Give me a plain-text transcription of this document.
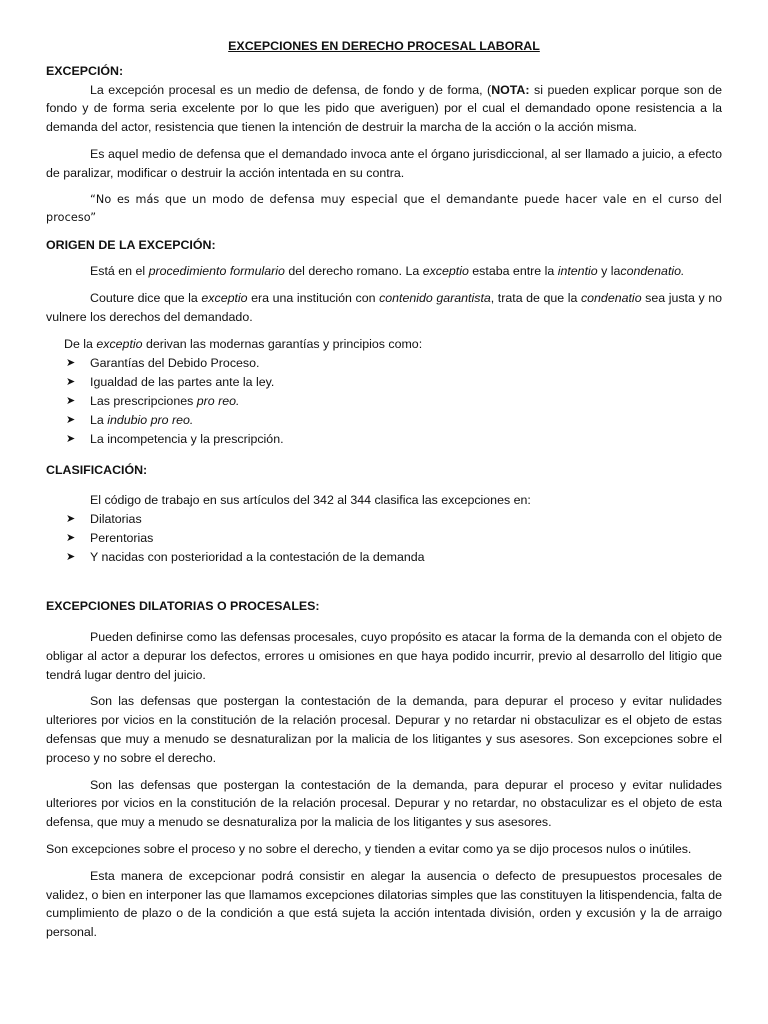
EXCEPCIONES EN DERECHO PROCESAL LABORAL
EXCEPCIÓN:

La excepción procesal es un medio de defensa, de fondo y de forma, (NOTA: si pueden explicar porque son de fondo y de forma seria excelente por lo que les pido que averiguen) por el cual el demandado opone resistencia a la demanda del actor, resistencia que tienen la intención de destruir la marcha de la acción o la acción misma.

Es aquel medio de defensa que el demandado invoca ante el órgano jurisdiccional, al ser llamado a juicio, a efecto de paralizar, modificar o destruir la acción intentada en su contra.

“No es más que un modo de defensa muy especial que el demandante puede hacer vale en el curso del proceso”

ORIGEN DE LA EXCEPCIÓN:

Está en el procedimiento formulario del derecho romano. La exceptio estaba entre la intentio y lacondenatio.

Couture dice que la exceptio era una institución con contenido garantista, trata de que la condenatio sea justa y no vulnere los derechos del demandado.

De la exceptio derivan las modernas garantías y principios como:

➤ Garantías del Debido Proceso.
➤ Igualdad de las partes ante la ley.
➤ Las prescripciones pro reo.
➤ La indubio pro reo.
➤ La incompetencia y la prescripción.
CLASIFICACIÓN:

El código de trabajo en sus artículos del 342 al 344 clasifica las excepciones en:

➤ Dilatorias
➤ Perentorias
➤ Y nacidas con posterioridad a la contestación de la demanda
EXCEPCIONES DILATORIAS O PROCESALES:

Pueden definirse como las defensas procesales, cuyo propósito es atacar la forma de la demanda con el objeto de obligar al actor a depurar los defectos, errores u omisiones en que haya podido incurrir, previo al desarrollo del litigio que tendrá lugar dentro del juicio.

Son las defensas que postergan la contestación de la demanda, para depurar el proceso y evitar nulidades ulteriores por vicios en la constitución de la relación procesal. Depurar y no retardar ni obstaculizar es el objeto de estas defensas que muy a menudo se desnaturalizan por la malicia de los litigantes y sus asesores. Son excepciones sobre el proceso y no sobre el derecho.

Son las defensas que postergan la contestación de la demanda, para depurar el proceso y evitar nulidades ulteriores por vicios en la constitución de la relación procesal. Depurar y no retardar, no obstaculizar es el objeto de esta defensa, que muy a menudo se desnaturaliza por la malicia de los litigantes y sus asesores.

Son excepciones sobre el proceso y no sobre el derecho, y tienden a evitar como ya se dijo procesos nulos o inútiles.

Esta manera de excepcionar podrá consistir en alegar la ausencia o defecto de presupuestos procesales de validez, o bien en interponer las que llamamos excepciones dilatorias simples que las constituyen la litispendencia, falta de cumplimiento de plazo o de la condición a que está sujeta la acción intentada división, orden y excusión y la de arraigo personal.
